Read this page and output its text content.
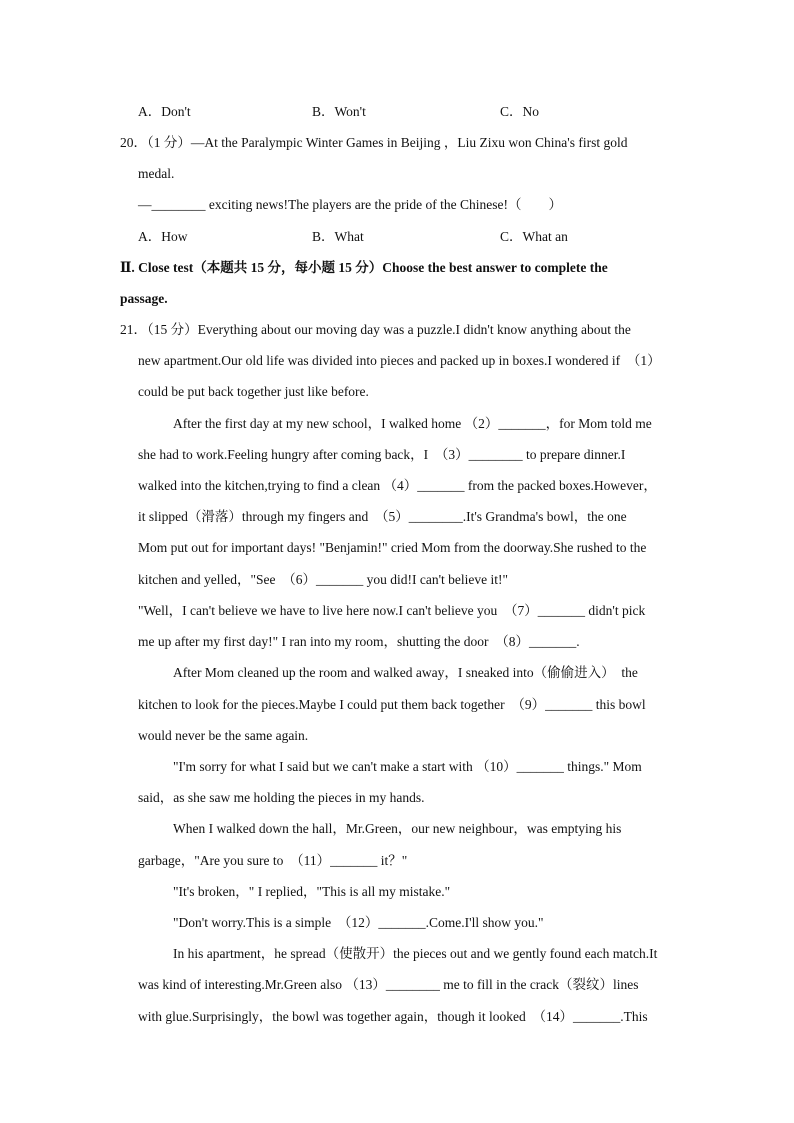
A．Don't	B．Won't	C．No
20．（1 分）—At the Paralympic Winter Games in Beijing ，Liu Zixu won China's first gold
medal.
—________ exciting news!The players are the pride of the Chinese!（　　）
A．How	B．What	C．What an
Ⅱ. Close test（本题共 15 分，每小题 15 分）Choose the best answer to complete the
passage.
21．（15 分）Everything about our moving day was a puzzle.I didn't know anything about the
new apartment.Our old life was divided into pieces and packed up in boxes.I wondered if　（1）
could be put back together just like before.
After the first day at my new school，I walked home （2）_______，for Mom told me
she had to work.Feeling hungry after coming back，I　（3）________ to prepare dinner.I
walked into the kitchen,trying to find a clean （4）_______ from the packed boxes.However，
it slipped（滑落）through my fingers and　（5）________.It's Grandma's bowl，the one
Mom put out for important days! "Benjamin!" cried Mom from the doorway.She rushed to the
kitchen and yelled，"See　（6）_______ you did!I can't believe it!"
"Well，I can't believe we have to live here now.I can't believe you　（7）_______ didn't pick
me up after my first day!" I ran into my room，shutting the door　（8）_______.
After Mom cleaned up the room and walked away，I sneaked into（偷偷进入）　the
kitchen to look for the pieces.Maybe I could put them back together　（9）_______ this bowl
would never be the same again.
"I'm sorry for what I said but we can't make a start with （10）_______ things." Mom
said，as she saw me holding the pieces in my hands.
When I walked down the hall，Mr.Green，our new neighbour，was emptying his
garbage，"Are you sure to　（11）_______ it？"
"It's broken，" I replied，"This is all my mistake."
"Don't worry.This is a simple　（12）_______.Come.I'll show you."
In his apartment，he spread（使散开）the pieces out and we gently found each match.It
was kind of interesting.Mr.Green also （13）________ me to fill in the crack（裂纹）lines
with glue.Surprisingly，the bowl was together again，though it looked　（14）_______.This
